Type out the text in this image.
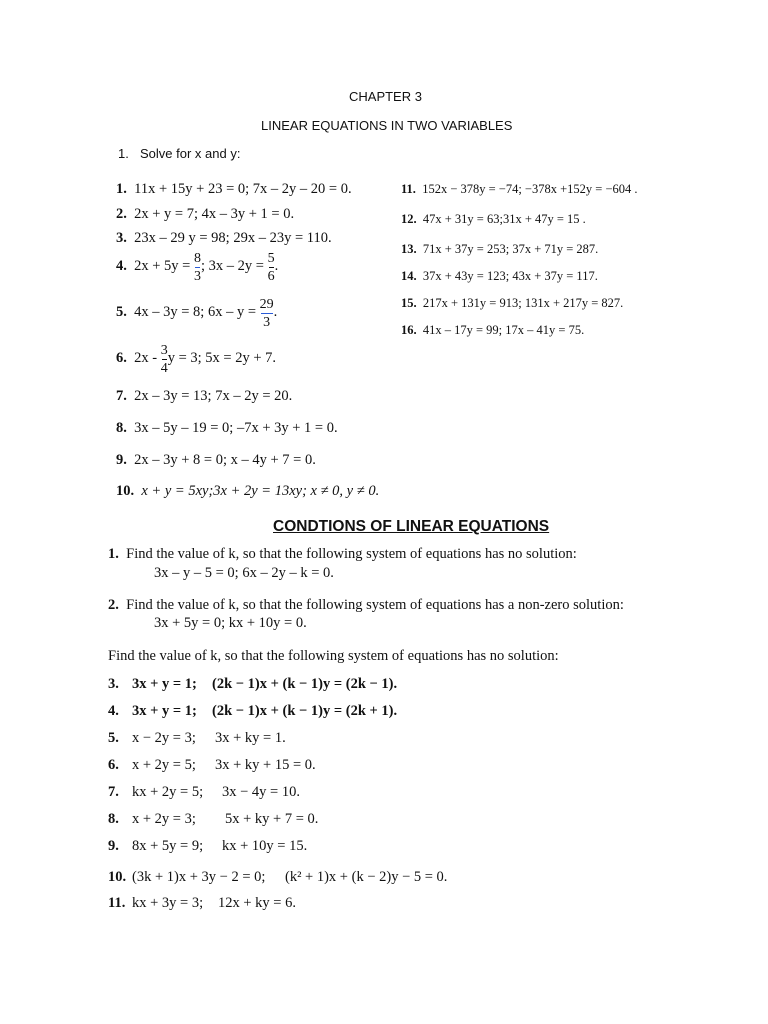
CHAPTER 3
LINEAR EQUATIONS IN TWO VARIABLES
1. Solve for x and y:
1. 11x + 15y + 23 = 0; 7x – 2y – 20 = 0.
2. 2x + y = 7; 4x – 3y + 1 = 0.
3. 23x – 29 y = 98; 29x – 23y = 110.
4. $2x + 5y = \frac{8}{3}$ ; $3x - 2y = \frac{5}{6}$ .
5. 4x – 3y = 8; $6x - y = \frac{29}{3}$ .
6. $2x - \frac{3}{4}$ y = 3; 5x = 2y + 7.
7. 2x – 3y = 13; 7x – 2y = 20.
8. 3x – 5y – 19 = 0; –7x + 3y + 1 = 0.
9. 2x – 3y + 8 = 0; x – 4y + 7 = 0.
10. x + y = 5xy;3x + 2y = 13xy; x ≠ 0, y ≠ 0.
11. 152x − 378y = −74; −378x +152y = −604 .
12. 47x + 31y = 63;31x + 47y = 15 .
13. 71x + 37y = 253; 37x + 71y = 287.
14. 37x + 43y = 123; 43x + 37y = 117.
15. 217x + 131y = 913; 131x + 217y = 827.
16. 41x – 17y = 99; 17x – 41y = 75.
CONDTIONS OF LINEAR EQUATIONS
1. Find the value of k, so that the following system of equations has no solution:
3x – y – 5 = 0; 6x – 2y – k = 0.
2. Find the value of k, so that the following system of equations has a non-zero solution:
3x + 5y = 0; kx + 10y = 0.
Find the value of k, so that the following system of equations has no solution:
3. 3x + y = 1; (2k − 1)x + (k − 1)y = (2k − 1).
4. 3x + y = 1; (2k − 1)x + (k − 1)y = (2k + 1).
5. x − 2y = 3; 3x + ky = 1.
6. x + 2y = 5; 3x + ky + 15 = 0.
7. kx + 2y = 5; 3x − 4y = 10.
8. x + 2y = 3; 5x + ky + 7 = 0.
9. 8x + 5y = 9; kx + 10y = 15.
10. (3k + 1)x + 3y − 2 = 0; (k² + 1)x + (k − 2)y − 5 = 0.
11. kx + 3y = 3; 12x + ky = 6.
